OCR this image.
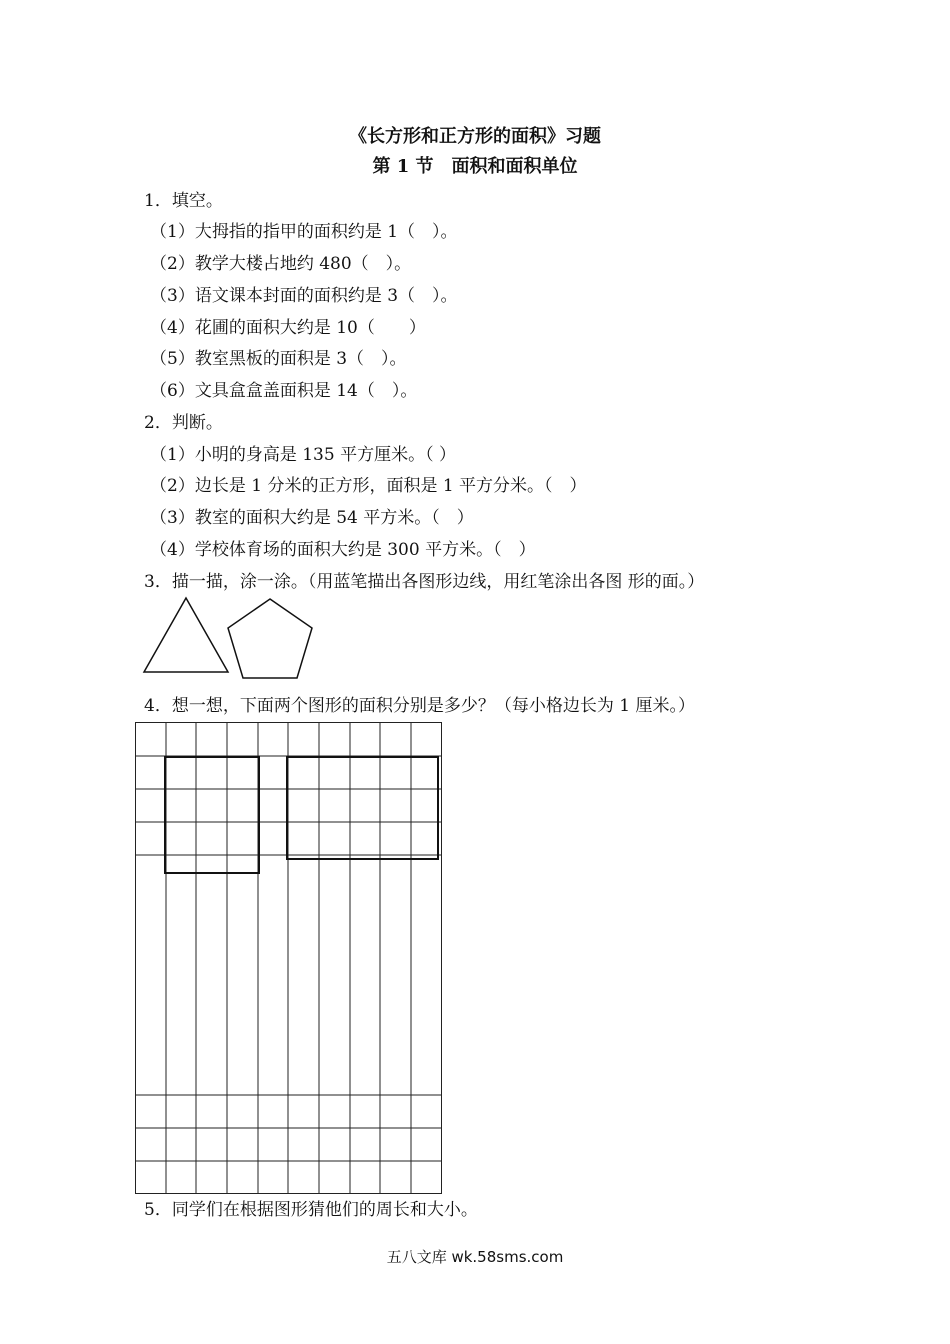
《长方形和正方形的面积》习题
第 1 节　面积和面积单位
1．填空。
（1）大拇指的指甲的面积约是 1（　）。
（2）教学大楼占地约 480（　）。
（3）语文课本封面的面积约是 3（　）。
（4）花圃的面积大约是 10（　　）
（5）教室黑板的面积是 3（　）。
（6）文具盒盒盖面积是 14（　）。
2．判断。
（1）小明的身高是 135 平方厘米。（ ）
（2）边长是 1 分米的正方形，面积是 1 平方分米。（　）
（3）教室的面积大约是 54 平方米。（　）
（4）学校体育场的面积大约是 300 平方米。（　）
3．描一描，涂一涂。（用蓝笔描出各图形边线，用红笔涂出各图 形的面。）
4．想一想，下面两个图形的面积分别是多少？（每小格边长为 1 厘米。）
5．同学们在根据图形猜他们的周长和大小。
五八文库 wk.58sms.com
